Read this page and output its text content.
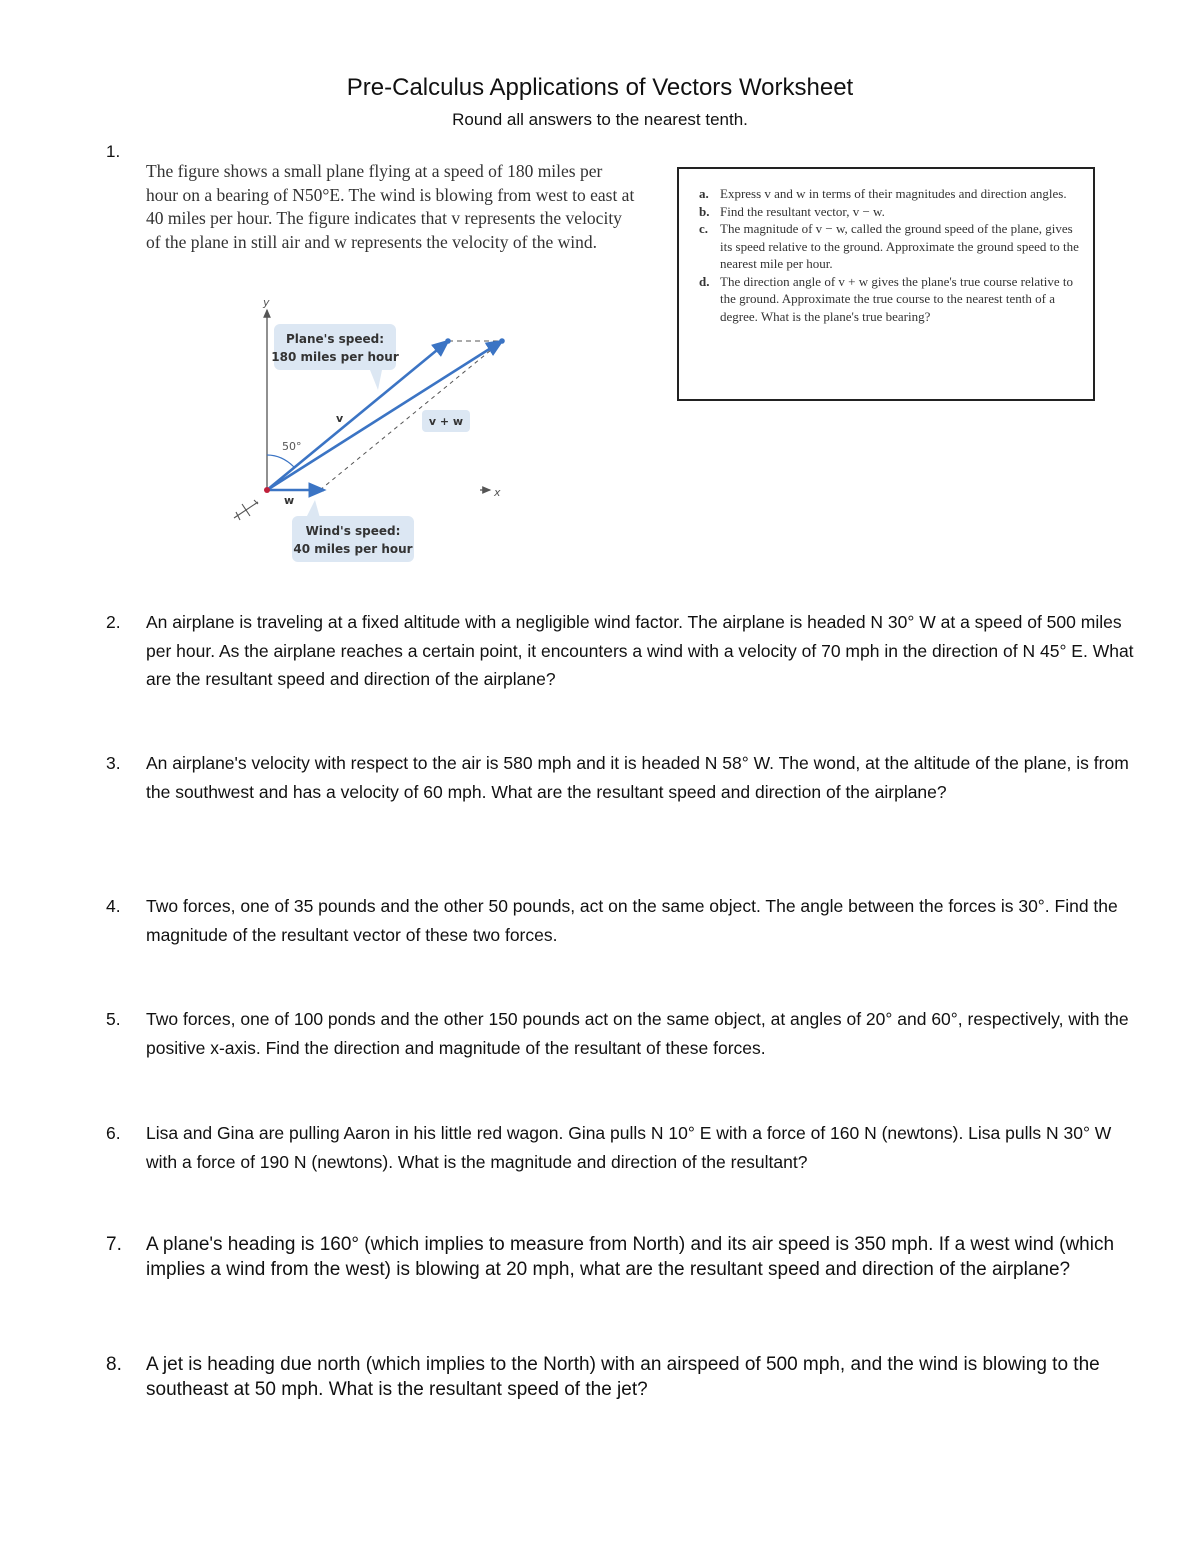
Pre-Calculus Applications of Vectors Worksheet
Round all answers to the nearest tenth.
1.
The figure shows a small plane flying at a speed of 180 miles per hour on a bearing of N50°E. The wind is blowing from west to east at 40 miles per hour. The figure indicates that v represents the velocity of the plane in still air and w represents the velocity of the wind.
a. Express v and w in terms of their magnitudes and direction angles.
b. Find the resultant vector, v − w.
c. The magnitude of v − w, called the ground speed of the plane, gives its speed relative to the ground. Approximate the ground speed to the nearest mile per hour.
d. The direction angle of v + w gives the plane's true course relative to the ground. Approximate the true course to the nearest tenth of a degree. What is the plane's true bearing?
y
x
50°
v
w
v + w
Plane's speed:
180 miles per hour
Wind's speed:
40 miles per hour
2. An airplane is traveling at a fixed altitude with a negligible wind factor. The airplane is headed N 30° W at a speed of 500 miles per hour. As the airplane reaches a certain point, it encounters a wind with a velocity of 70 mph in the direction of N 45° E. What are the resultant speed and direction of the airplane?
3. An airplane's velocity with respect to the air is 580 mph and it is headed N 58° W. The wond, at the altitude of the plane, is from the southwest and has a velocity of 60 mph. What are the resultant speed and direction of the airplane?
4. Two forces, one of 35 pounds and the other 50 pounds, act on the same object. The angle between the forces is 30°. Find the magnitude of the resultant vector of these two forces.
5. Two forces, one of 100 ponds and the other 150 pounds act on the same object, at angles of 20° and 60°, respectively, with the positive x-axis. Find the direction and magnitude of the resultant of these forces.
6. Lisa and Gina are pulling Aaron in his little red wagon. Gina pulls N 10° E with a force of 160 N (newtons). Lisa pulls N 30° W with a force of 190 N (newtons). What is the magnitude and direction of the resultant?
7. A plane's heading is 160° (which implies to measure from North) and its air speed is 350 mph. If a west wind (which implies a wind from the west) is blowing at 20 mph, what are the resultant speed and direction of the airplane?
8. A jet is heading due north (which implies to the North) with an airspeed of 500 mph, and the wind is blowing to the southeast at 50 mph. What is the resultant speed of the jet?
